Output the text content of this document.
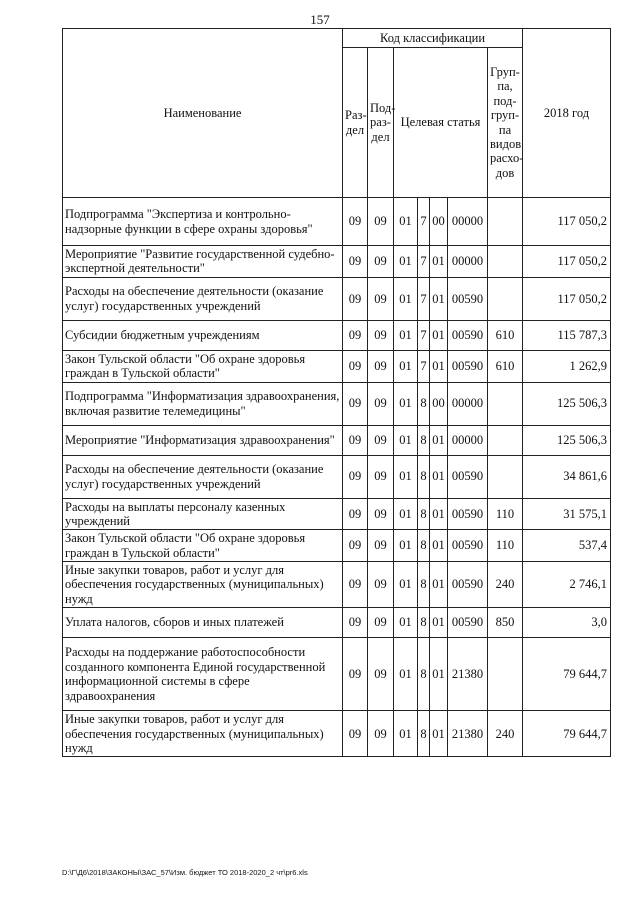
157
Наименование	Код классификации							2018 год
	Раз-дел	Под-раз-дел	Целевая статья				Груп-па, под-груп-па видов расхо-дов	
Подпрограмма "Экспертиза и контрольно-надзорные функции в сфере охраны здоровья"	09	09	01	7	00	00000		117 050,2
Мероприятие "Развитие государственной судебно-экспертной деятельности"	09	09	01	7	01	00000		117 050,2
Расходы на обеспечение деятельности (оказание услуг) государственных учреждений	09	09	01	7	01	00590		117 050,2
Субсидии бюджетным учреждениям	09	09	01	7	01	00590	610	115 787,3
Закон Тульской области "Об охране здоровья граждан в Тульской области"	09	09	01	7	01	00590	610	1 262,9
Подпрограмма "Информатизация здравоохранения, включая развитие телемедицины"	09	09	01	8	00	00000		125 506,3
Мероприятие "Информатизация здравоохранения"	09	09	01	8	01	00000		125 506,3
Расходы на обеспечение деятельности (оказание услуг) государственных учреждений	09	09	01	8	01	00590		34 861,6
Расходы на выплаты персоналу казенных учреждений	09	09	01	8	01	00590	110	31 575,1
Закон Тульской области "Об охране здоровья граждан в Тульской области"	09	09	01	8	01	00590	110	537,4
Иные закупки товаров, работ и услуг для обеспечения государственных (муниципальных) нужд	09	09	01	8	01	00590	240	2 746,1
Уплата налогов, сборов и иных платежей	09	09	01	8	01	00590	850	3,0
Расходы на поддержание работоспособности созданного компонента Единой государственной информационной системы в сфере здравоохранения	09	09	01	8	01	21380		79 644,7
Иные закупки товаров, работ и услуг для обеспечения государственных (муниципальных) нужд	09	09	01	8	01	21380	240	79 644,7
D:\Г\Д6\2018\ЗАКОНЫ\ЗАС_57\Изм. бюджет ТО 2018-2020_2 чт\pr6.xls
